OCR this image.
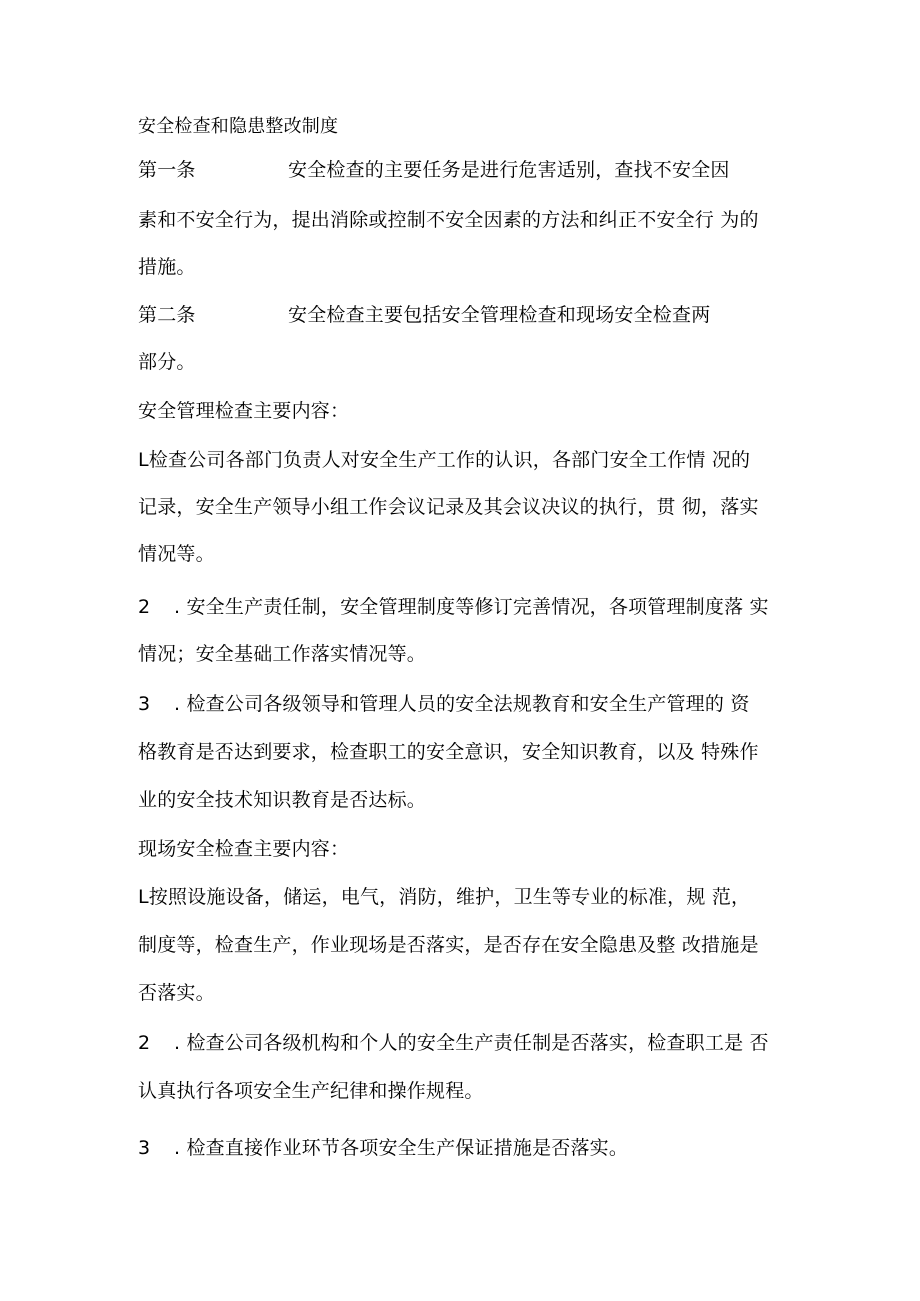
安全检查和隐患整改制度
第一条	安全检查的主要任务是进行危害适别，查找不安全因
素和不安全行为，提出消除或控制不安全因素的方法和纠正不安全行 为的
措施。
第二条	安全检查主要包括安全管理检查和现场安全检查两
部分。
安全管理检查主要内容：
L检查公司各部门负责人对安全生产工作的认识，各部门安全工作情 况的
记录，安全生产领导小组工作会议记录及其会议决议的执行，贯 彻，落实
情况等。
2 . 安全生产责任制，安全管理制度等修订完善情况，各项管理制度落 实
情况；安全基础工作落实情况等。
3 . 检查公司各级领导和管理人员的安全法规教育和安全生产管理的 资
格教育是否达到要求，检查职工的安全意识，安全知识教育，以及 特殊作
业的安全技术知识教育是否达标。
现场安全检查主要内容：
L按照设施设备，储运，电气，消防，维护，卫生等专业的标准，规 范，
制度等，检查生产，作业现场是否落实，是否存在安全隐患及整 改措施是
否落实。
2 . 检查公司各级机构和个人的安全生产责任制是否落实，检查职工是 否
认真执行各项安全生产纪律和操作规程。
3 . 检查直接作业环节各项安全生产保证措施是否落实。
